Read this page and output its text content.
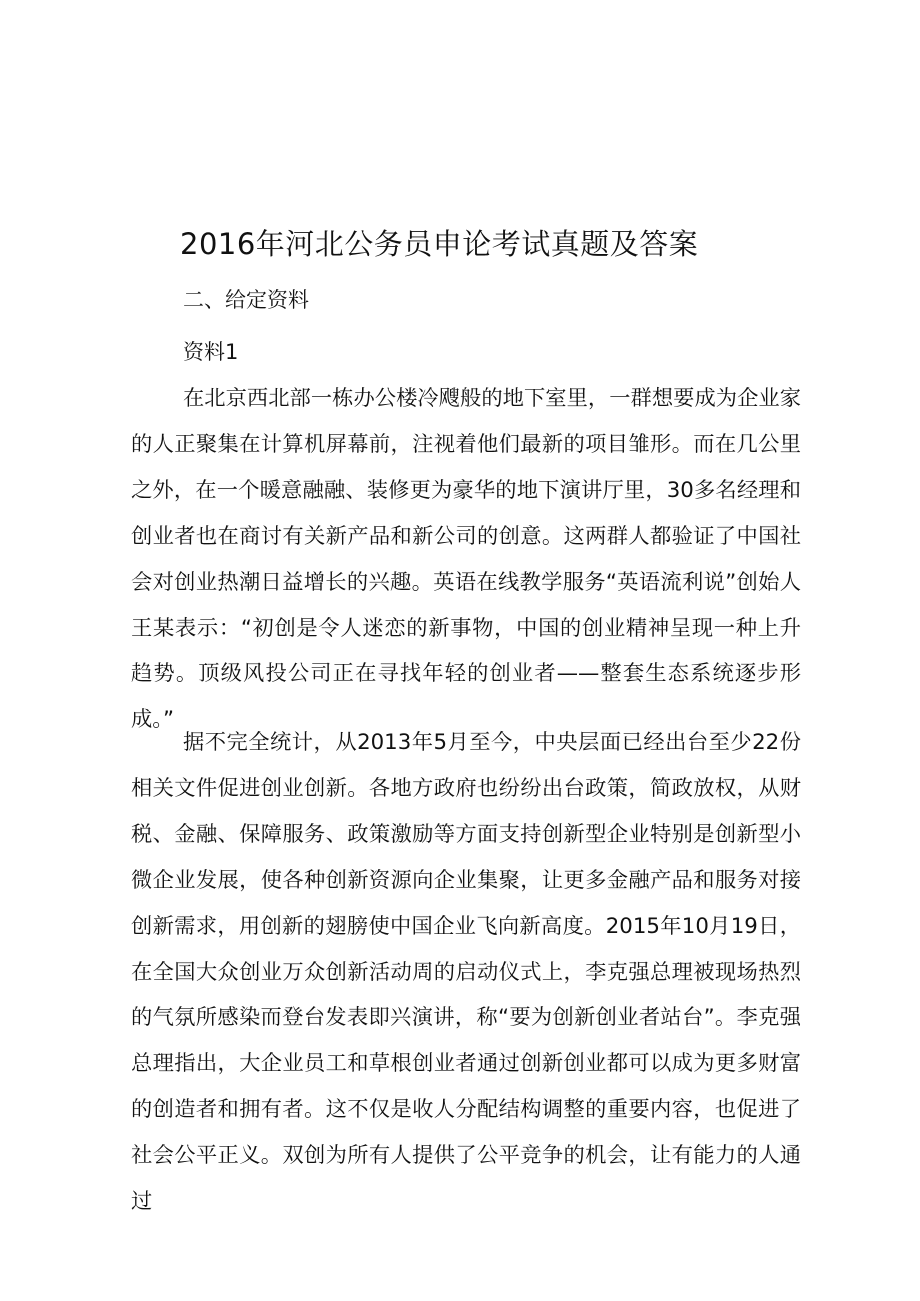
2016年河北公务员申论考试真题及答案
二、给定资料
资料1

在北京西北部一栋办公楼冷飕般的地下室里，一群想要成为企业家的人正聚集在计算机屏幕前，注视着他们最新的项目雏形。而在几公里之外，在一个暖意融融、装修更为豪华的地下演讲厅里，30多名经理和创业者也在商讨有关新产品和新公司的创意。这两群人都验证了中国社会对创业热潮日益增长的兴趣。英语在线教学服务“英语流利说”创始人王某表示：“初创是令人迷恋的新事物，中国的创业精神呈现一种上升趋势。顶级风投公司正在寻找年轻的创业者——整套生态系统逐步形成。”

据不完全统计，从2013年5月至今，中央层面已经出台至少22份相关文件促进创业创新。各地方政府也纷纷出台政策，简政放权，从财税、金融、保障服务、政策激励等方面支持创新型企业特别是创新型小微企业发展，使各种创新资源向企业集聚，让更多金融产品和服务对接创新需求，用创新的翅膀使中国企业飞向新高度。2015年10月19日，在全国大众创业万众创新活动周的启动仪式上，李克强总理被现场热烈的气氛所感染而登台发表即兴演讲，称“要为创新创业者站台”。李克强总理指出，大企业员工和草根创业者通过创新创业都可以成为更多财富的创造者和拥有者。这不仅是收人分配结构调整的重要内容，也促进了社会公平正义。双创为所有人提供了公平竞争的机会，让有能力的人通过
